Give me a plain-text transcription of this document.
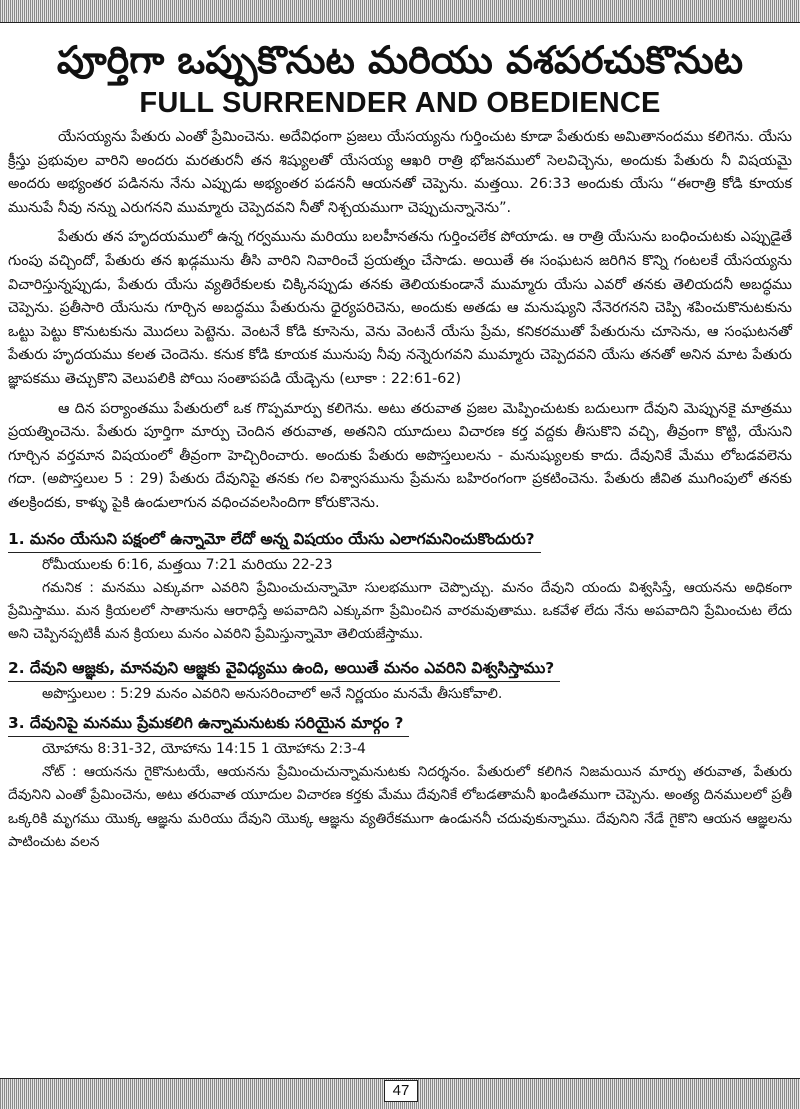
పూర్తిగా ఒప్పుకొనుట మరియు వశపరచుకొనుట
FULL SURRENDER AND OBEDIENCE

యేసయ్యను పేతురు ఎంతో ప్రేమించెను. అదేవిధంగా ప్రజలు యేసయ్యను గుర్తించుట కూడా పేతురుకు అమితానందము కలిగెను. యేసు క్రీస్తు ప్రభువుల వారిని అందరు మరతురనీ తన శిష్యులతో యేసయ్య ఆఖరి రాత్రి భోజనములో సెలవిచ్చెను, అందుకు పేతురు నీ విషయమై అందరు అభ్యంతర పడినను నేను ఎప్పుడు అభ్యంతర పడననీ ఆయనతో చెప్పెను. మత్తయి. 26:33 అందుకు యేసు “ఈరాత్రి కోడి కూయక మునుపే నీవు నన్ను ఎరుగనని ముమ్మారు చెప్పెదవని నీతో నిశ్చయముగా చెప్పుచున్నానెను”.

పేతురు తన హృదయములో ఉన్న గర్వమును మరియు బలహీనతను గుర్తించలేక పోయాడు. ఆ రాత్రి యేసును బంధించుటకు ఎప్పుడైతే గుంపు వచ్చిందో, పేతురు తన ఖడ్గమును తీసి వారిని నివారించే ప్రయత్నం చేసాడు. అయితే ఈ సంఘటన జరిగిన కొన్ని గంటలకే యేసయ్యను విచారిస్తున్నప్పుడు, పేతురు యేసు వ్యతిరేకులకు చిక్కినప్పుడు తనకు తెలియకుండానే ముమ్మారు యేసు ఎవరో తనకు తెలియదనీ అబద్ధము చెప్పెను. ప్రతీసారి యేసును గూర్చిన అబద్ధము పేతురును ధైర్యపరిచెను, అందుకు అతడు ఆ మనుష్యుని నేనెరగనని చెప్పి శపించుకొనుటకును ఒట్టు పెట్టు కొనుటకును మొదలు పెట్టెను. వెంటనే కోడి కూసెను, వెను వెంటనే యేసు ప్రేమ, కనికరముతో పేతురును చూసెను, ఆ సంఘటనతో పేతురు హృదయము కలత చెందెను. కనుక కోడి కూయక మునుపు నీవు నన్నెరుగవని ముమ్మారు చెప్పెదవని యేసు తనతో అనిన మాట పేతురు జ్ఞాపకము తెచ్చుకొని వెలుపలికి పోయి సంతాపపడి యేడ్చెను (లూకా : 22:61-62)

ఆ దిన పర్యాంతము పేతురులో ఒక గొప్పమార్పు కలిగెను. అటు తరువాత ప్రజల మెప్పించుటకు బదులుగా దేవుని మెప్పునకై మాత్రము ప్రయత్నించెను. పేతురు పూర్తిగా మార్పు చెందిన తరువాత, అతనిని యూదులు విచారణ కర్త వద్దకు తీసుకొని వచ్చి, తీవ్రంగా కొట్టి, యేసుని గూర్చిన వర్తమాన విషయంలో తీవ్రంగా హెచ్చిరించారు. అందుకు పేతురు అపొస్తలులను - మనుష్యులకు కాదు. దేవునికే మేము లోబడవలెను గదా. (అపొస్తలుల 5 : 29) పేతురు దేవునిపై తనకు గల విశ్వాసమును ప్రేమను బహిరంగంగా ప్రకటించెను. పేతురు జీవిత ముగింపులో తనకు తలక్రిందకు, కాళ్ళు పైకి ఉండులాగున వధించవలసిందిగా కోరుకొనెను.

1. మనం యేసుని పక్షంలో ఉన్నామో లేదో అన్న విషయం యేసు ఎలాగమనించుకొందురు?

రోమీయులకు 6:16, మత్తయి 7:21 మరియు 22-23

గమనిక : మనము ఎక్కువగా ఎవరిని ప్రేమించుచున్నామో సులభముగా చెప్పొచ్చు. మనం దేవుని యందు విశ్వసిస్తే, ఆయనను అధికంగా ప్రేమిస్తాము. మన క్రియలలో సాతానును ఆరాధిస్తే అపవాదిని ఎక్కువగా ప్రేమించిన వారమవుతాము. ఒకవేళ లేదు నేను అపవాదిని ప్రేమించుట లేదు అని చెప్పినప్పటికీ మన క్రియలు మనం ఎవరిని ప్రేమిస్తున్నామో తెలియజేస్తాము.

2. దేవుని ఆజ్ఞకు, మానవుని ఆజ్ఞకు వైవిధ్యము ఉంది, అయితే మనం ఎవరిని విశ్వసిస్తాము?

అపొస్తులుల : 5:29 మనం ఎవరిని అనుసరించాలో అనే నిర్ణయం మనమే తీసుకోవాలి.

3. దేవునిపై మనము ప్రేమకలిగి ఉన్నామనుటకు సరియైన మార్గం ?

యోహాను 8:31-32, యోహాను 14:15 1 యోహాను 2:3-4

నోట్ : ఆయనను గైకొనుటయే, ఆయనను ప్రేమించుచున్నామనుటకు నిదర్శనం. పేతురులో కలిగిన నిజమయిన మార్పు తరువాత, పేతురు దేవునిని ఎంతో ప్రేమించెను, అటు తరువాత యూదుల విచారణ కర్తకు మేము దేవునికే లోబడతామనీ ఖండితముగా చెప్పెను. అంత్య దినములలో ప్రతీ ఒక్కరికి మృగము యొక్క ఆజ్ఞను మరియు దేవుని యొక్క ఆజ్ఞను వ్యతిరేకముగా ఉండుననీ చదువుకున్నాము. దేవునిని నేడే గైకొని ఆయన ఆజ్ఞలను పాటించుట వలన

47
